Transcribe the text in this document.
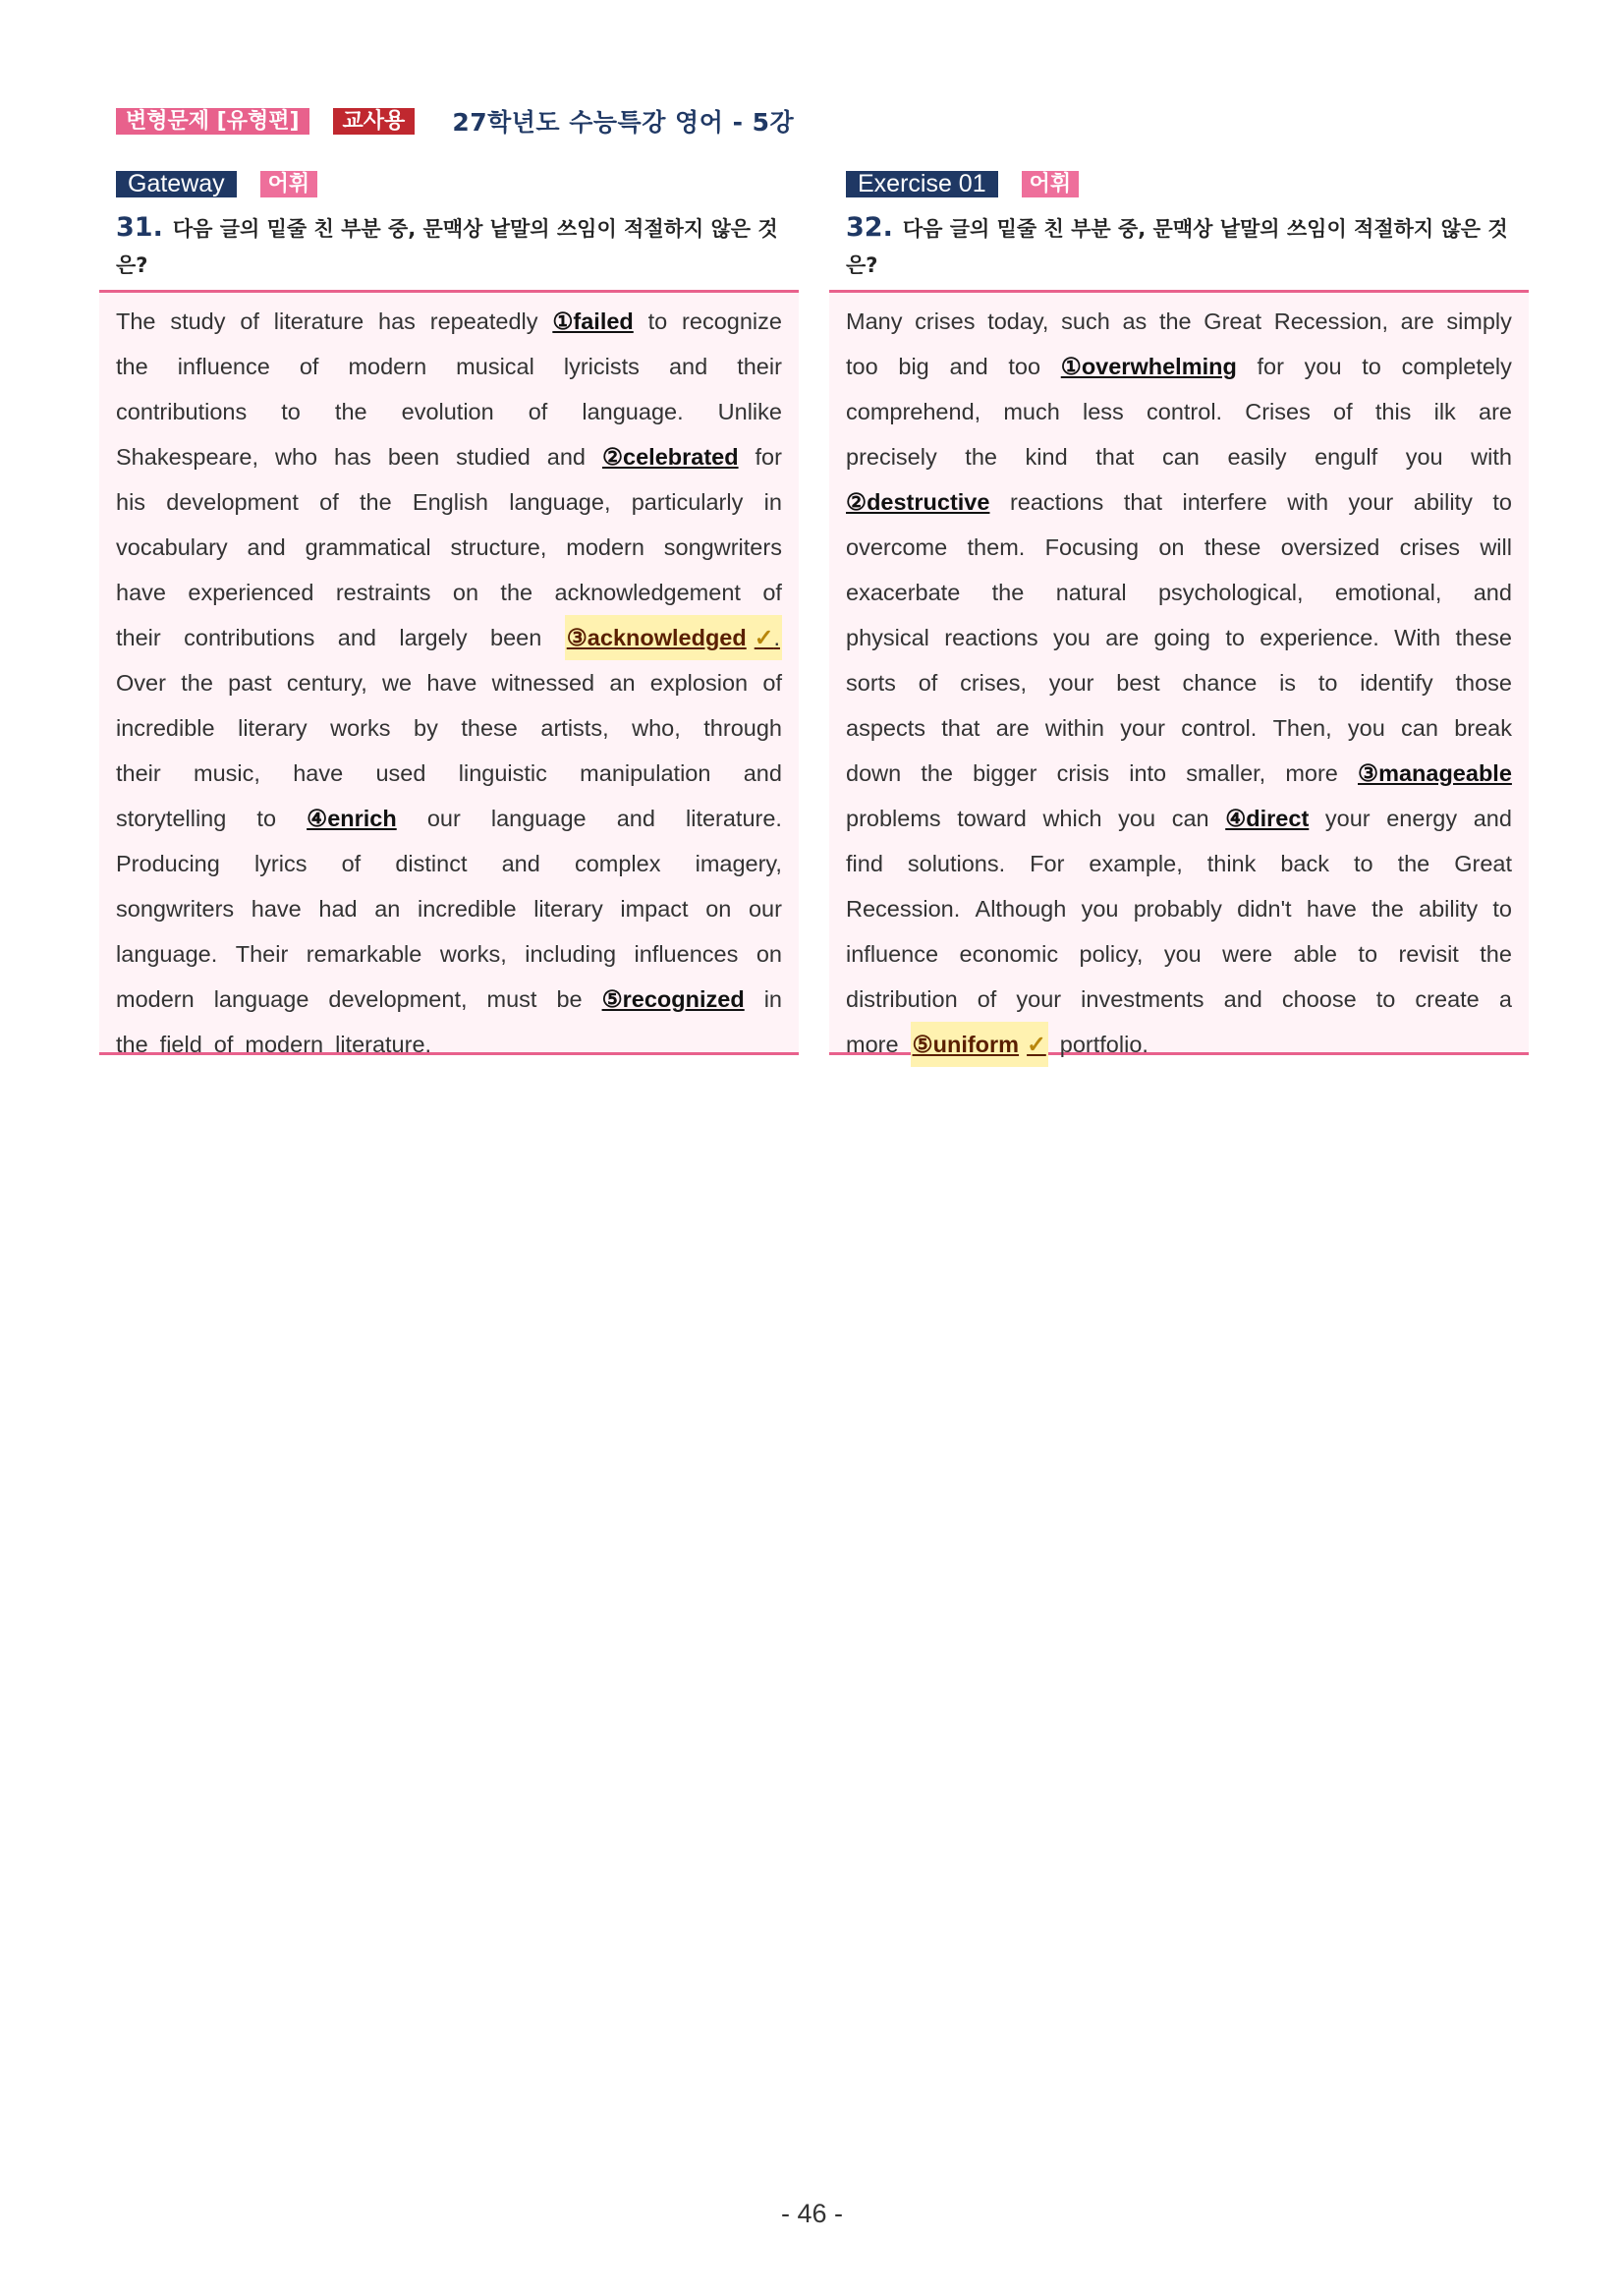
변형문제 [유형편]	교사용	27학년도 수능특강 영어 - 5강
Gateway	어휘
31. 다음 글의 밑줄 친 부분 중, 문맥상 낱말의 쓰임이 적절하지 않은 것은?
The study of literature has repeatedly ①failed to recognize
the influence of modern musical lyricists and their
contributions to the evolution of language. Unlike
Shakespeare, who has been studied and ②celebrated for
his development of the English language, particularly in
vocabulary and grammatical structure, modern songwriters
have experienced restraints on the acknowledgement of
their contributions and largely been ③acknowledged ✓.
Over the past century, we have witnessed an explosion of
incredible literary works by these artists, who, through
their music, have used linguistic manipulation and
storytelling to ④enrich our language and literature.
Producing lyrics of distinct and complex imagery,
songwriters have had an incredible literary impact on our
language. Their remarkable works, including influences on
modern language development, must be ⑤recognized in
the field of modern literature.
Exercise 01	어휘
32. 다음 글의 밑줄 친 부분 중, 문맥상 낱말의 쓰임이 적절하지 않은 것은?
Many crises today, such as the Great Recession, are simply
too big and too ①overwhelming for you to completely
comprehend, much less control. Crises of this ilk are
precisely the kind that can easily engulf you with
②destructive reactions that interfere with your ability to
overcome them. Focusing on these oversized crises will
exacerbate the natural psychological, emotional, and
physical reactions you are going to experience. With these
sorts of crises, your best chance is to identify those
aspects that are within your control. Then, you can break
down the bigger crisis into smaller, more ③manageable
problems toward which you can ④direct your energy and
find solutions. For example, think back to the Great
Recession. Although you probably didn't have the ability to
influence economic policy, you were able to revisit the
distribution of your investments and choose to create a
more ⑤uniform ✓ portfolio.
- 46 -
